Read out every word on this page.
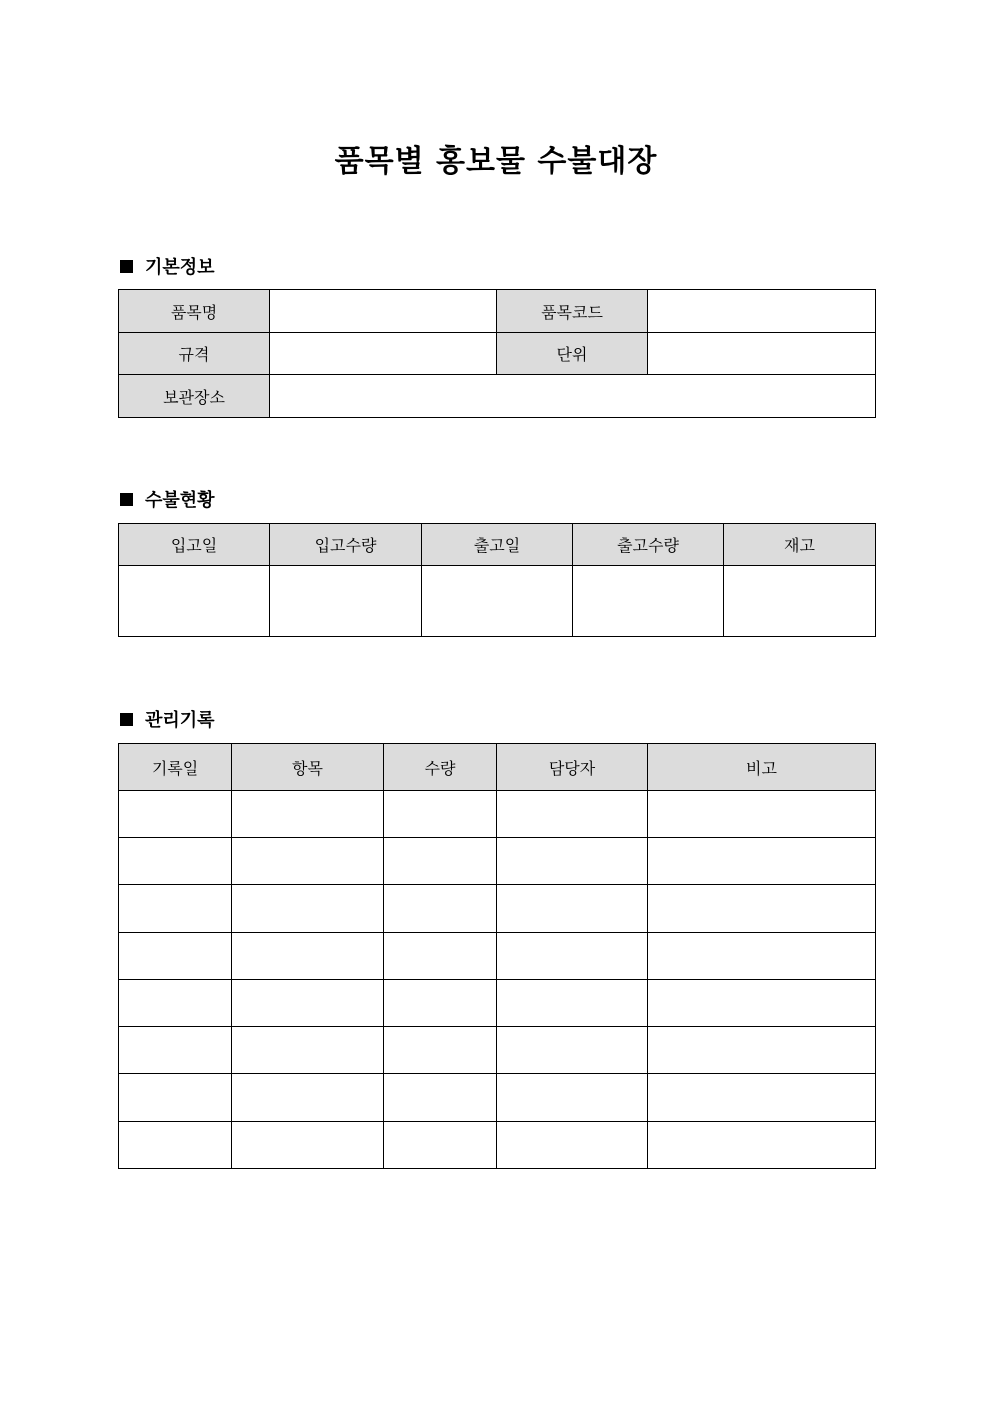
품목별 홍보물 수불대장
기본정보
품목명		품목코드	
규격		단위	
보관장소			
수불현황
입고일	입고수량	출고일	출고수량	재고

관리기록
기록일	항목	수량	담당자	비고
